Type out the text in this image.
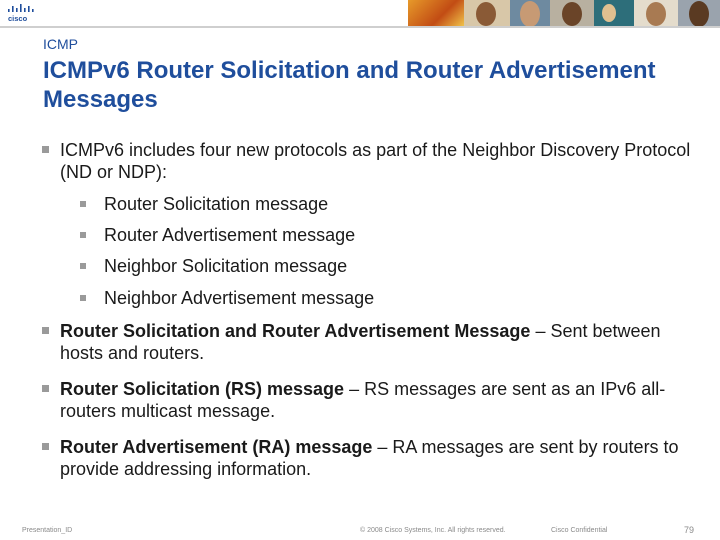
cisco

ICMP

ICMPv6 Router Solicitation and Router Advertisement Messages
ICMPv6 includes four new protocols as part of the Neighbor Discovery Protocol (ND or NDP):
Router Solicitation message
Router Advertisement message
Neighbor Solicitation message
Neighbor Advertisement message
Router Solicitation and Router Advertisement Message – Sent between hosts and routers.
Router Solicitation (RS) message – RS messages are sent as an IPv6 all-routers multicast message.
Router Advertisement (RA) message – RA messages are sent by routers to provide addressing information.

Presentation_ID	© 2008 Cisco Systems, Inc. All rights reserved.	Cisco Confidential	79
